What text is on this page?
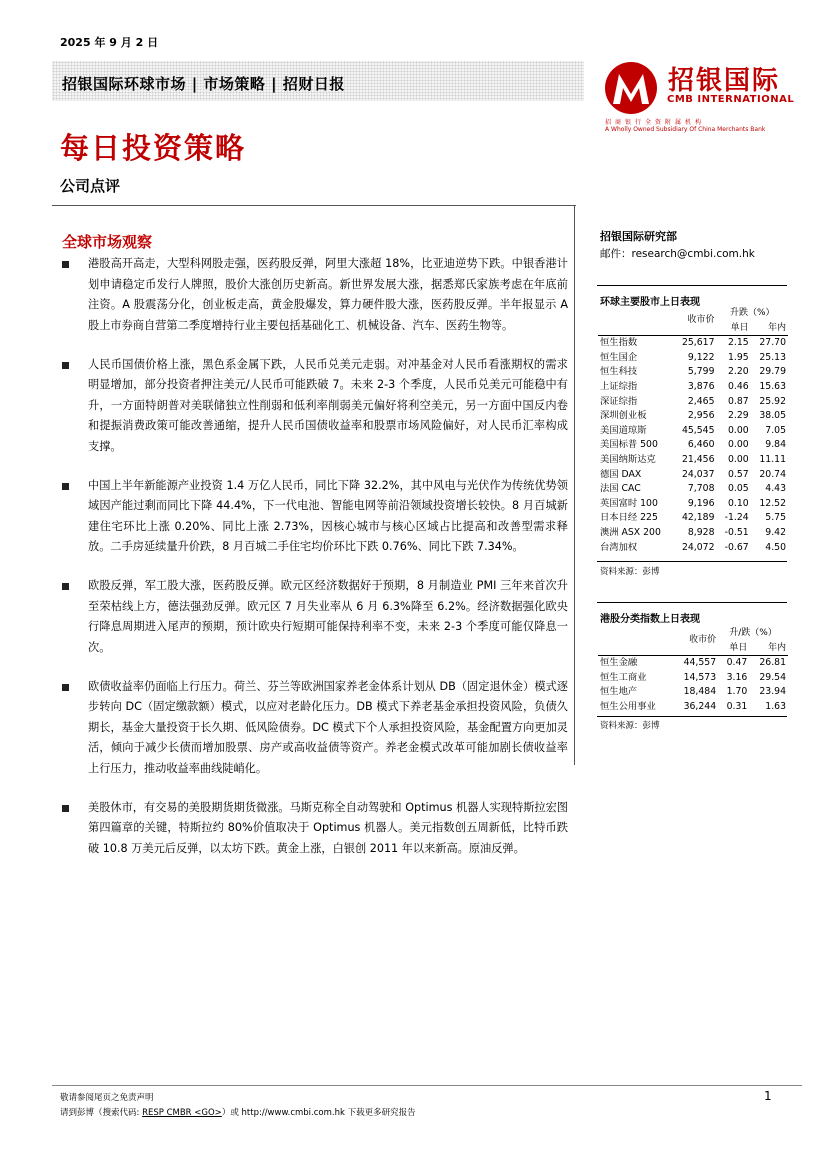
2025 年 9 月 2 日
招银国际环球市场 | 市场策略 | 招财日报	招银国际
CMB INTERNATIONAL
招商银行全资附属机构
A Wholly Owned Subsidiary Of China Merchants Bank
每日投资策略
公司点评
全球市场观察
港股高开高走，大型科网股走强，医药股反弹，阿里大涨超 18%，比亚迪逆势下跌。中银香港计划申请稳定币发行人牌照，股价大涨创历史新高。新世界发展大涨，据悉郑氏家族考虑在年底前注资。A 股震荡分化，创业板走高，黄金股爆发，算力硬件股大涨，医药股反弹。半年报显示 A 股上市券商自营第二季度增持行业主要包括基础化工、机械设备、汽车、医药生物等。
人民币国债价格上涨，黑色系金属下跌，人民币兑美元走弱。对冲基金对人民币看涨期权的需求明显增加，部分投资者押注美元/人民币可能跌破 7。未来 2-3 个季度，人民币兑美元可能稳中有升，一方面特朗普对美联储独立性削弱和低利率削弱美元偏好将利空美元，另一方面中国反内卷和提振消费政策可能改善通缩，提升人民币国债收益率和股票市场风险偏好，对人民币汇率构成支撑。
中国上半年新能源产业投资 1.4 万亿人民币，同比下降 32.2%，其中风电与光伏作为传统优势领域因产能过剩而同比下降 44.4%，下一代电池、智能电网等前沿领域投资增长较快。8 月百城新建住宅环比上涨 0.20%、同比上涨 2.73%，因核心城市与核心区域占比提高和改善型需求释放。二手房延续量升价跌，8 月百城二手住宅均价环比下跌 0.76%、同比下跌 7.34%。
欧股反弹，军工股大涨，医药股反弹。欧元区经济数据好于预期，8 月制造业 PMI 三年来首次升至荣枯线上方，德法强劲反弹。欧元区 7 月失业率从 6 月 6.3%降至 6.2%。经济数据强化欧央行降息周期进入尾声的预期，预计欧央行短期可能保持利率不变，未来 2-3 个季度可能仅降息一次。
欧债收益率仍面临上行压力。荷兰、芬兰等欧洲国家养老金体系计划从 DB（固定退休金）模式逐步转向 DC（固定缴款额）模式，以应对老龄化压力。DB 模式下养老基金承担投资风险，负债久期长，基金大量投资于长久期、低风险债券。DC 模式下个人承担投资风险，基金配置方向更加灵活，倾向于减少长债而增加股票、房产或高收益债等资产。养老金模式改革可能加剧长债收益率上行压力，推动收益率曲线陡峭化。
美股休市，有交易的美股期货期货微涨。马斯克称全自动驾驶和 Optimus 机器人实现特斯拉宏图第四篇章的关键，特斯拉约 80%价值取决于 Optimus 机器人。美元指数创五周新低，比特币跌破 10.8 万美元后反弹，以太坊下跌。黄金上涨，白银创 2011 年以来新高。原油反弹。
招银国际研究部
邮件：research@cmbi.com.hk
环球主要股市上日表现
	收市价	升跌（%）	
		单日	年内
恒生指数	25,617	2.15	27.70
恒生国企	9,122	1.95	25.13
恒生科技	5,799	2.20	29.79
上证综指	3,876	0.46	15.63
深证综指	2,465	0.87	25.92
深圳创业板	2,956	2.29	38.05
美国道琼斯	45,545	0.00	7.05
美国标普 500	6,460	0.00	9.84
美国纳斯达克	21,456	0.00	11.11
德国 DAX	24,037	0.57	20.74
法国 CAC	7,708	0.05	4.43
英国富时 100	9,196	0.10	12.52
日本日经 225	42,189	-1.24	5.75
澳洲 ASX 200	8,928	-0.51	9.42
台湾加权	24,072	-0.67	4.50
资料来源：彭博
港股分类指数上日表现
	收市价	升/跌（%）	
		单日	年内
恒生金融	44,557	0.47	26.81
恒生工商业	14,573	3.16	29.54
恒生地产	18,484	1.70	23.94
恒生公用事业	36,244	0.31	1.63
资料来源：彭博
敬请参阅尾页之免责声明
请到彭博（搜索代码: RESP CMBR <GO>）或 http://www.cmbi.com.hk 下载更多研究报告
1
